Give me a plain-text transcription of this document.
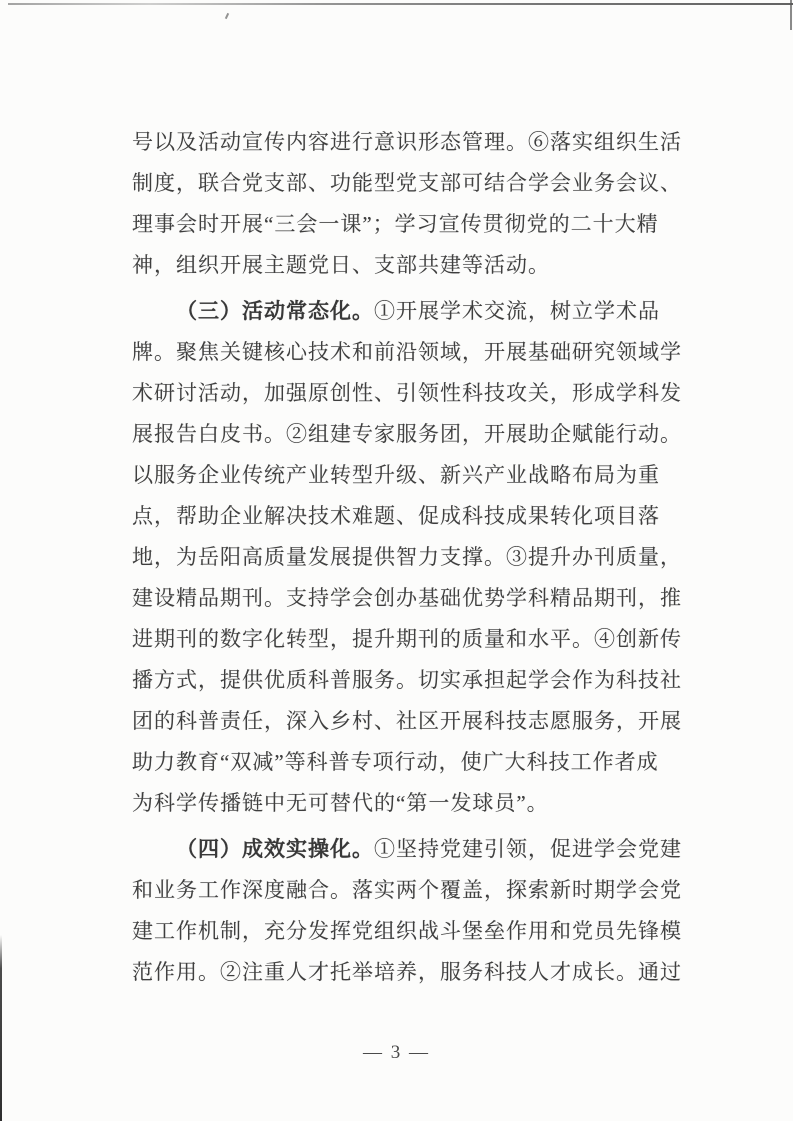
号以及活动宣传内容进行意识形态管理。⑥落实组织生活
制度，联合党支部、功能型党支部可结合学会业务会议、
理事会时开展“三会一课”；学习宣传贯彻党的二十大精
神，组织开展主题党日、支部共建等活动。
（三）活动常态化。①开展学术交流，树立学术品
牌。聚焦关键核心技术和前沿领域，开展基础研究领域学
术研讨活动，加强原创性、引领性科技攻关，形成学科发
展报告白皮书。②组建专家服务团，开展助企赋能行动。
以服务企业传统产业转型升级、新兴产业战略布局为重
点，帮助企业解决技术难题、促成科技成果转化项目落
地，为岳阳高质量发展提供智力支撑。③提升办刊质量，
建设精品期刊。支持学会创办基础优势学科精品期刊，推
进期刊的数字化转型，提升期刊的质量和水平。④创新传
播方式，提供优质科普服务。切实承担起学会作为科技社
团的科普责任，深入乡村、社区开展科技志愿服务，开展
助力教育“双减”等科普专项行动，使广大科技工作者成
为科学传播链中无可替代的“第一发球员”。
（四）成效实操化。①坚持党建引领，促进学会党建
和业务工作深度融合。落实两个覆盖，探索新时期学会党
建工作机制，充分发挥党组织战斗堡垒作用和党员先锋模
范作用。②注重人才托举培养，服务科技人才成长。通过
— 3 —
